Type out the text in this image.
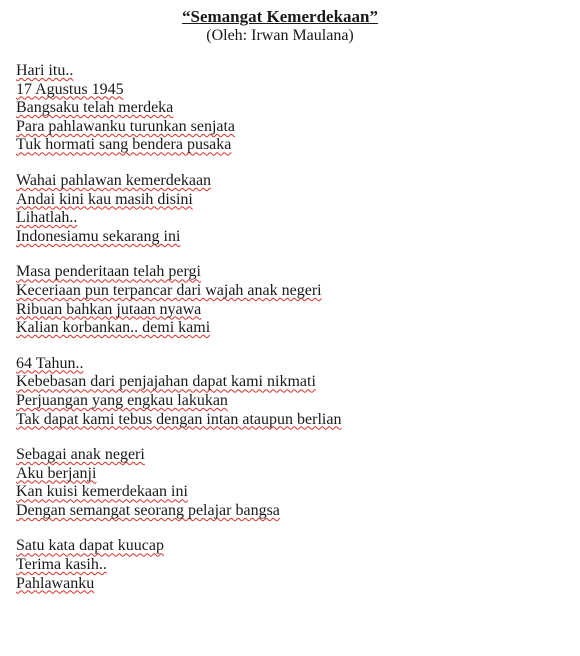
“Semangat Kemerdekaan”

(Oleh: Irwan Maulana)

Hari itu..
17 Agustus 1945
Bangsaku telah merdeka
Para pahlawanku turunkan senjata
Tuk hormati sang bendera pusaka
Wahai pahlawan kemerdekaan
Andai kini kau masih disini
Lihatlah..
Indonesiamu sekarang ini
Masa penderitaan telah pergi
Keceriaan pun terpancar dari wajah anak negeri
Ribuan bahkan jutaan nyawa
Kalian korbankan.. demi kami
64 Tahun..
Kebebasan dari penjajahan dapat kami nikmati
Perjuangan yang engkau lakukan
Tak dapat kami tebus dengan intan ataupun berlian
Sebagai anak negeri
Aku berjanji
Kan kuisi kemerdekaan ini
Dengan semangat seorang pelajar bangsa
Satu kata dapat kuucap
Terima kasih..
Pahlawanku
